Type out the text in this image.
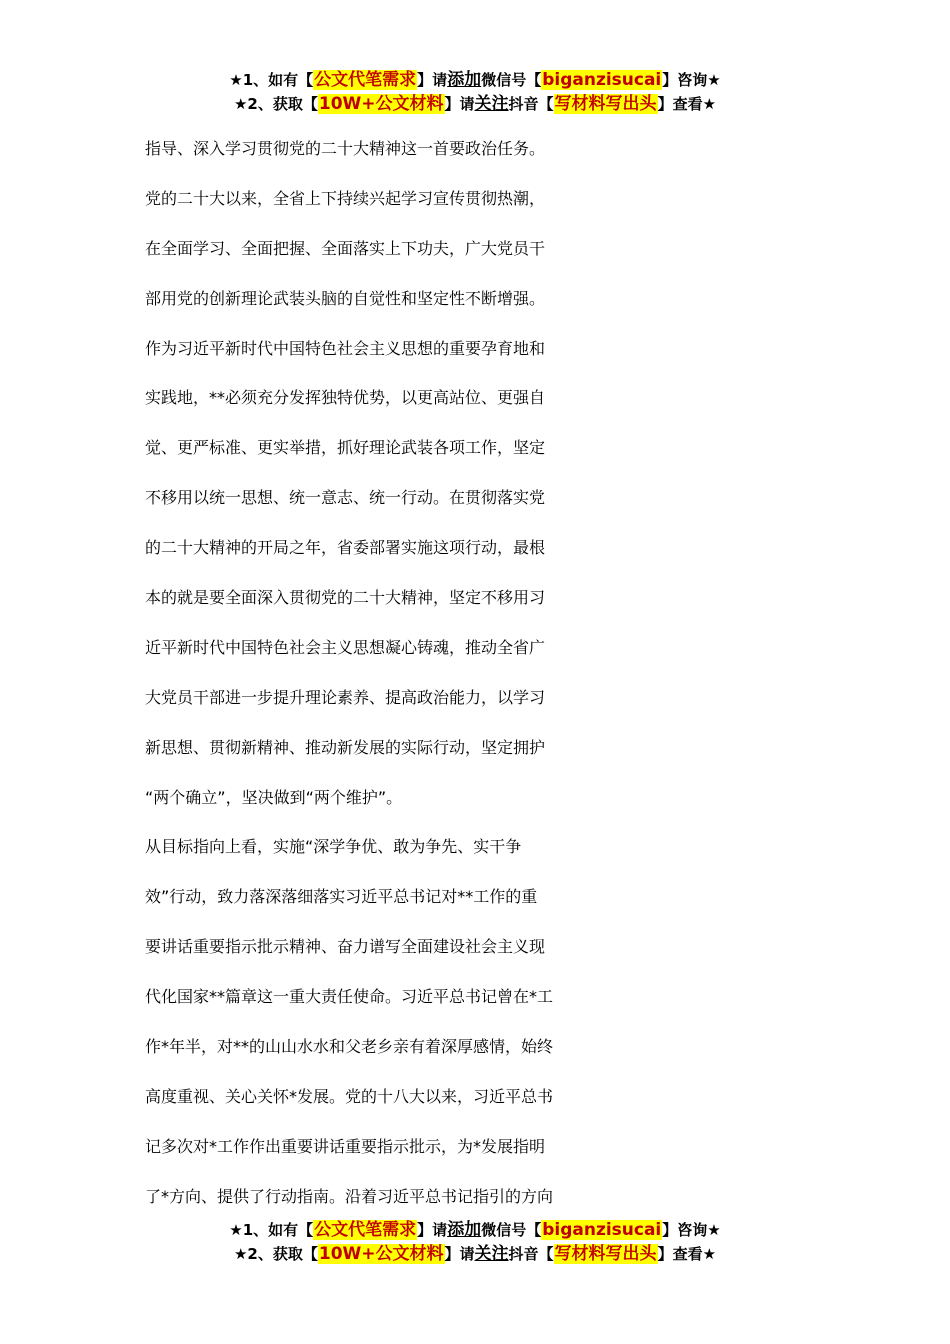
★1、如有【公文代笔需求】请添加微信号【biganzisucai】咨询★
★2、获取【10W+公文材料】请关注抖音【写材料写出头】查看★
指导、深入学习贯彻党的二十大精神这一首要政治任务。
党的二十大以来，全省上下持续兴起学习宣传贯彻热潮，
在全面学习、全面把握、全面落实上下功夫，广大党员干
部用党的创新理论武装头脑的自觉性和坚定性不断增强。
作为习近平新时代中国特色社会主义思想的重要孕育地和
实践地，**必须充分发挥独特优势，以更高站位、更强自
觉、更严标准、更实举措，抓好理论武装各项工作，坚定
不移用以统一思想、统一意志、统一行动。在贯彻落实党
的二十大精神的开局之年，省委部署实施这项行动，最根
本的就是要全面深入贯彻党的二十大精神，坚定不移用习
近平新时代中国特色社会主义思想凝心铸魂，推动全省广
大党员干部进一步提升理论素养、提高政治能力，以学习
新思想、贯彻新精神、推动新发展的实际行动，坚定拥护
“两个确立”，坚决做到“两个维护”。
从目标指向上看，实施“深学争优、敢为争先、实干争
效”行动，致力落深落细落实习近平总书记对**工作的重
要讲话重要指示批示精神、奋力谱写全面建设社会主义现
代化国家**篇章这一重大责任使命。习近平总书记曾在*工
作*年半，对**的山山水水和父老乡亲有着深厚感情，始终
高度重视、关心关怀*发展。党的十八大以来，习近平总书
记多次对*工作作出重要讲话重要指示批示，为*发展指明
了*方向、提供了行动指南。沿着习近平总书记指引的方向
★1、如有【公文代笔需求】请添加微信号【biganzisucai】咨询★
★2、获取【10W+公文材料】请关注抖音【写材料写出头】查看★
